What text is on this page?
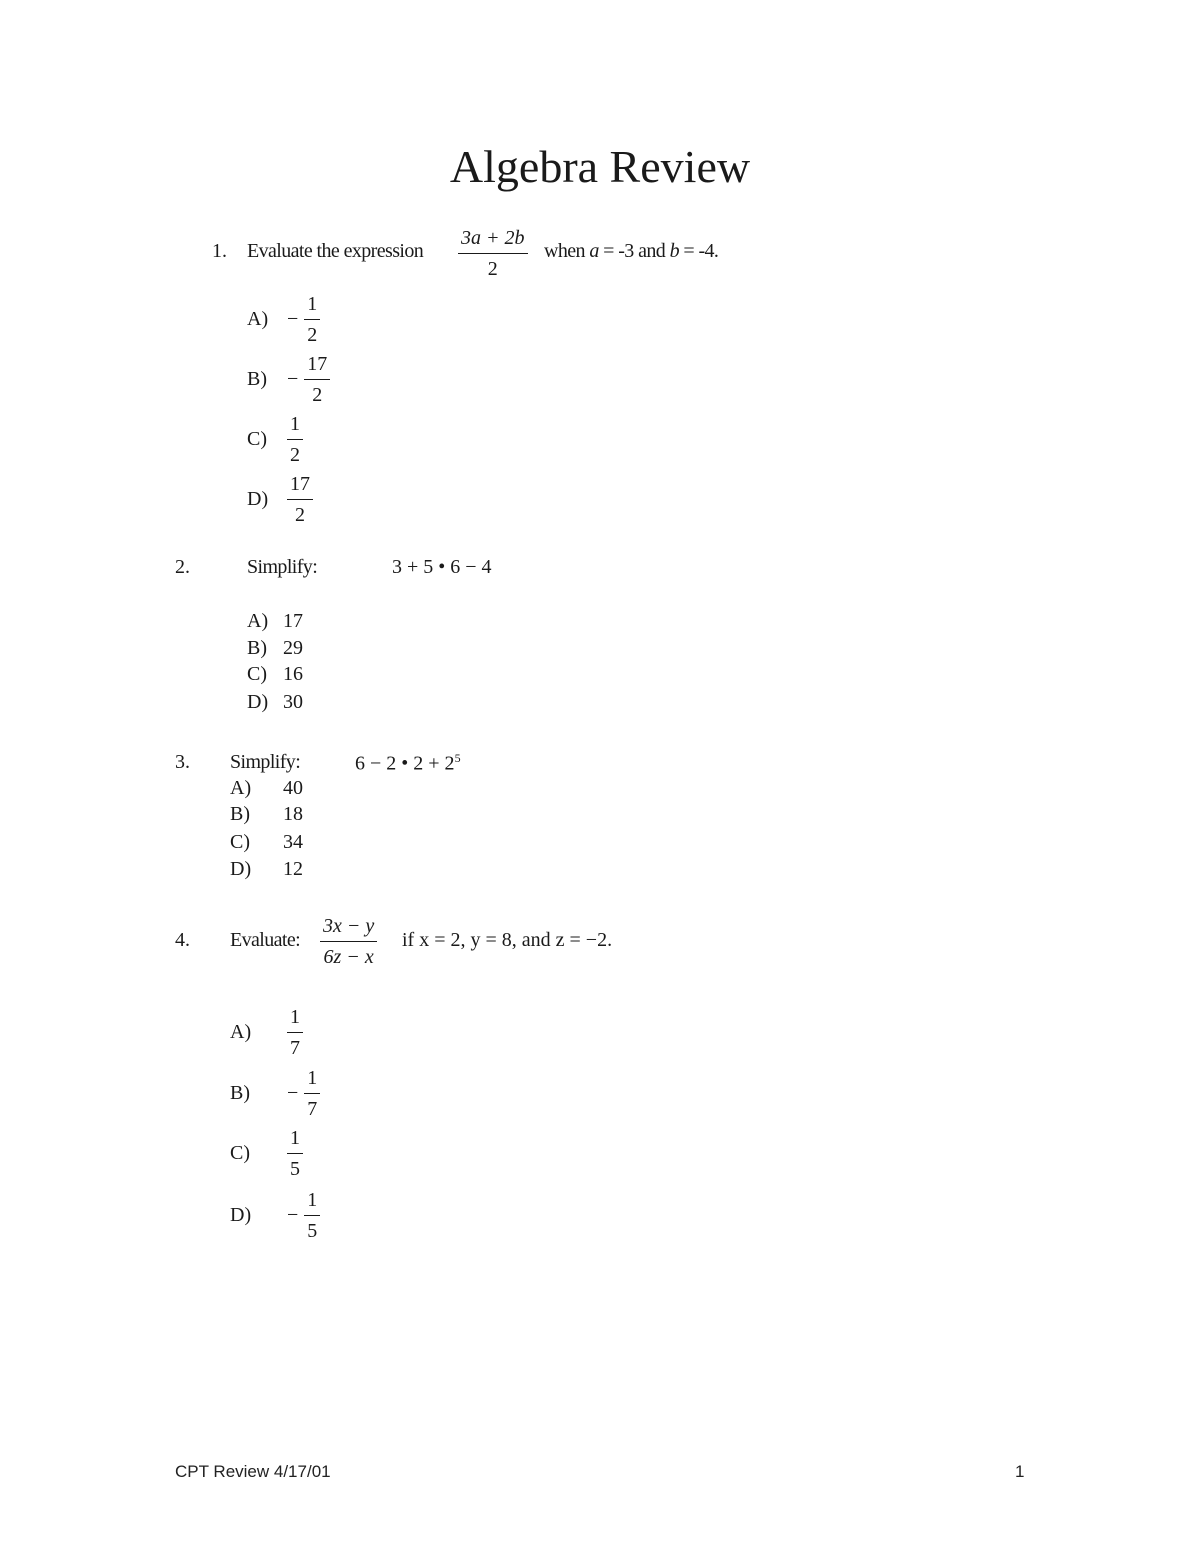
Algebra Review
1. Evaluate the expression $\frac{3a + 2b}{2}$ when a = -3 and b = -4.
$A) - \frac{1}{2}$
$B) - \frac{17}{2}$
$C) \frac{1}{2}$
$D) \frac{17}{2}$
2.	Simplify:	3 + 5 • 6 − 4
A) 17
B) 29
C) 16
D) 30
3. Simplify:	6 − 2 • $2 + 2^5$
A) 40
B) 18
C) 34
D) 12
4. Evaluate: $\frac{3x - y}{6z - x}$ if x = 2, y = 8, and z = −2.
$A) \frac{1}{7}$
$B) - \frac{1}{7}$
$C) \frac{1}{5}$
$D) - \frac{1}{5}$
CPT Review 4/17/01	1
